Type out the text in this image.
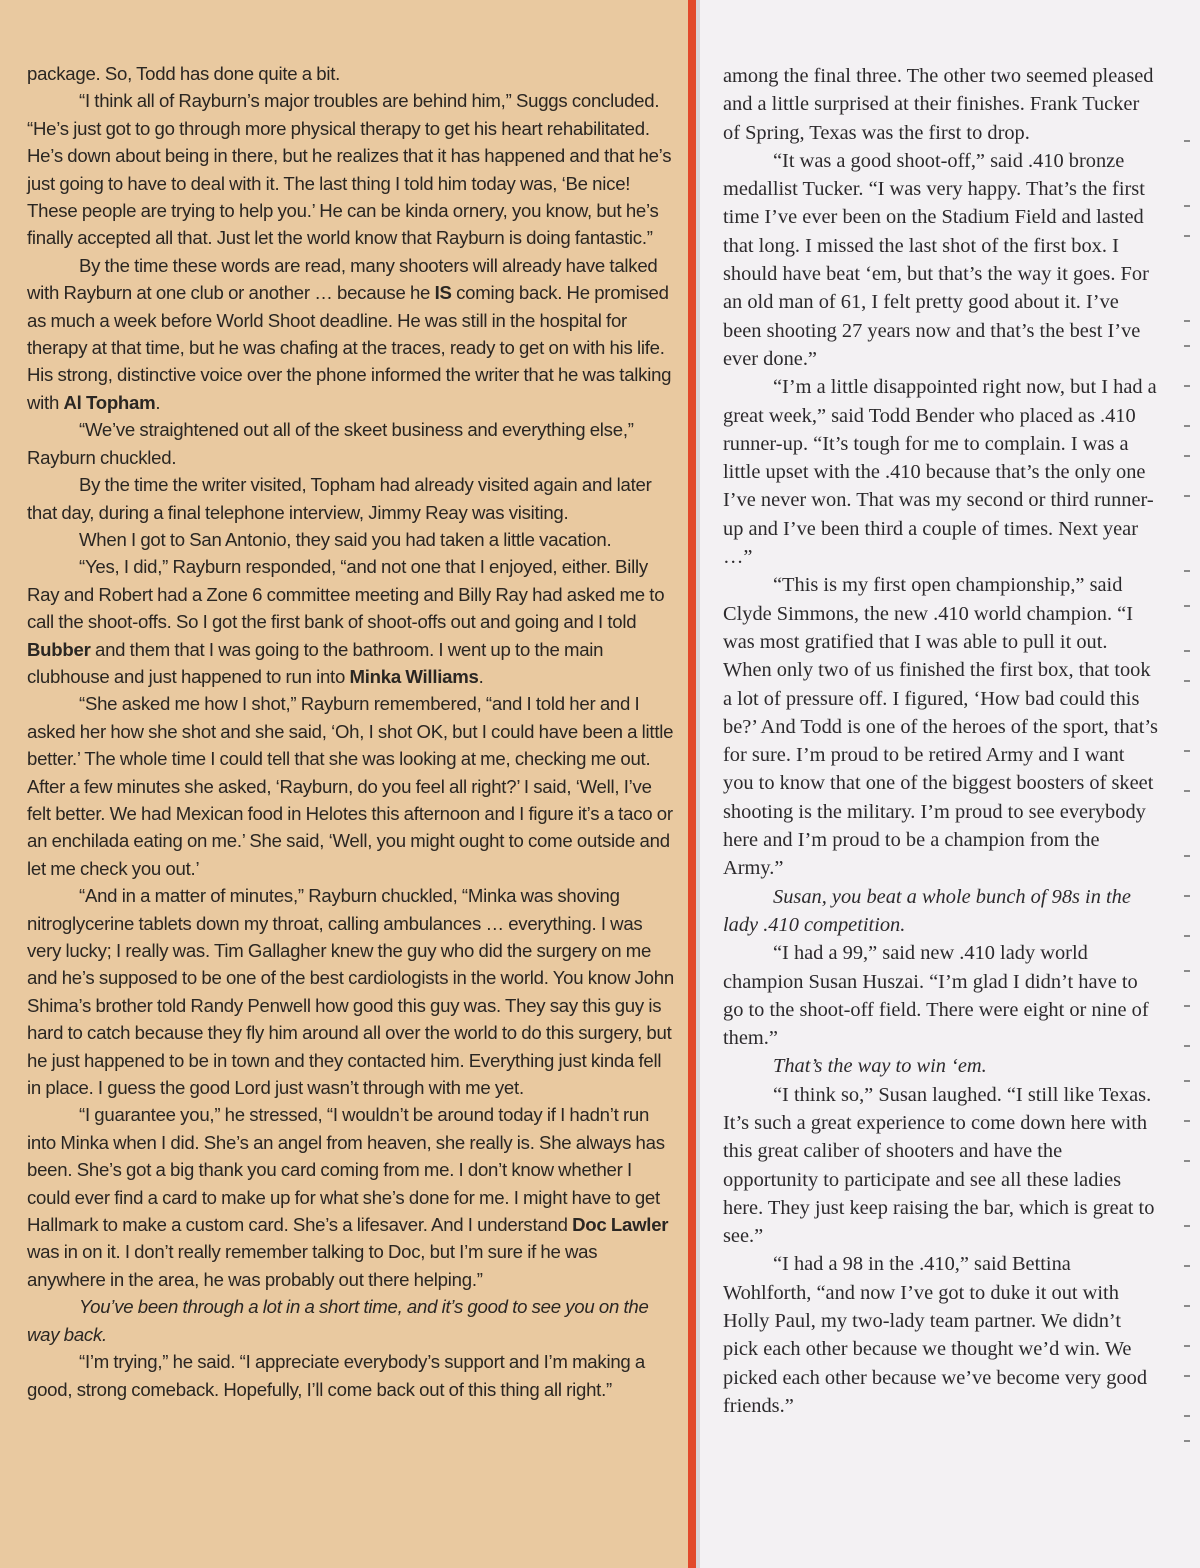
package. So, Todd has done quite a bit.

“I think all of Rayburn’s major troubles are behind him,” Suggs concluded. “He’s just got to go through more physical therapy to get his heart rehabilitated. He’s down about being in there, but he realizes that it has happened and that he’s just going to have to deal with it. The last thing I told him today was, ‘Be nice! These people are trying to help you.’ He can be kinda ornery, you know, but he’s finally accepted all that. Just let the world know that Rayburn is doing fantastic.”

By the time these words are read, many shooters will already have talked with Rayburn at one club or another … because he IS coming back. He promised as much a week before World Shoot deadline. He was still in the hospital for therapy at that time, but he was chafing at the traces, ready to get on with his life. His strong, distinctive voice over the phone informed the writer that he was talking with Al Topham.

“We’ve straightened out all of the skeet business and everything else,” Rayburn chuckled.

By the time the writer visited, Topham had already visited again and later that day, during a final telephone interview, Jimmy Reay was visiting.

When I got to San Antonio, they said you had taken a little vacation.

“Yes, I did,” Rayburn responded, “and not one that I enjoyed, either. Billy Ray and Robert had a Zone 6 committee meeting and Billy Ray had asked me to call the shoot-offs. So I got the first bank of shoot-offs out and going and I told Bubber and them that I was going to the bathroom. I went up to the main clubhouse and just happened to run into Minka Williams.

“She asked me how I shot,” Rayburn remembered, “and I told her and I asked her how she shot and she said, ‘Oh, I shot OK, but I could have been a little better.’ The whole time I could tell that she was looking at me, checking me out. After a few minutes she asked, ‘Rayburn, do you feel all right?’ I said, ‘Well, I’ve felt better. We had Mexican food in Helotes this afternoon and I figure it’s a taco or an enchilada eating on me.’ She said, ‘Well, you might ought to come outside and let me check you out.’

“And in a matter of minutes,” Rayburn chuckled, “Minka was shoving nitroglycerine tablets down my throat, calling ambulances … everything. I was very lucky; I really was. Tim Gallagher knew the guy who did the surgery on me and he’s supposed to be one of the best cardiologists in the world. You know John Shima’s brother told Randy Penwell how good this guy was. They say this guy is hard to catch because they fly him around all over the world to do this surgery, but he just happened to be in town and they contacted him. Everything just kinda fell in place. I guess the good Lord just wasn’t through with me yet.

“I guarantee you,” he stressed, “I wouldn’t be around today if I hadn’t run into Minka when I did. She’s an angel from heaven, she really is. She always has been. She’s got a big thank you card coming from me. I don’t know whether I could ever find a card to make up for what she’s done for me. I might have to get Hallmark to make a custom card. She’s a lifesaver. And I understand Doc Lawler was in on it. I don’t really remember talking to Doc, but I’m sure if he was anywhere in the area, he was probably out there helping.”

You’ve been through a lot in a short time, and it’s good to see you on the way back.

“I’m trying,” he said. “I appreciate everybody’s support and I’m making a good, strong comeback. Hopefully, I’ll come back out of this thing all right.”

among the final three. The other two seemed pleased and a little surprised at their finishes. Frank Tucker of Spring, Texas was the first to drop.

“It was a good shoot-off,” said .410 bronze medallist Tucker. “I was very happy. That’s the first time I’ve ever been on the Stadium Field and lasted that long. I missed the last shot of the first box. I should have beat ‘em, but that’s the way it goes. For an old man of 61, I felt pretty good about it. I’ve been shooting 27 years now and that’s the best I’ve ever done.”

“I’m a little disappointed right now, but I had a great week,” said Todd Bender who placed as .410 runner-up. “It’s tough for me to complain. I was a little upset with the .410 because that’s the only one I’ve never won. That was my second or third runner-up and I’ve been third a couple of times. Next year …”

“This is my first open championship,” said Clyde Simmons, the new .410 world champion. “I was most gratified that I was able to pull it out. When only two of us finished the first box, that took a lot of pressure off. I figured, ‘How bad could this be?’ And Todd is one of the heroes of the sport, that’s for sure. I’m proud to be retired Army and I want you to know that one of the biggest boosters of skeet shooting is the military. I’m proud to see everybody here and I’m proud to be a champion from the Army.”

Susan, you beat a whole bunch of 98s in the lady .410 competition.

“I had a 99,” said new .410 lady world champion Susan Huszai. “I’m glad I didn’t have to go to the shoot-off field. There were eight or nine of them.”

That’s the way to win ‘em.

“I think so,” Susan laughed. “I still like Texas. It’s such a great experience to come down here with this great caliber of shooters and have the opportunity to participate and see all these ladies here. They just keep raising the bar, which is great to see.”

“I had a 98 in the .410,” said Bettina Wohlforth, “and now I’ve got to duke it out with Holly Paul, my two-lady team partner. We didn’t pick each other because we thought we’d win. We picked each other because we’ve become very good friends.”
